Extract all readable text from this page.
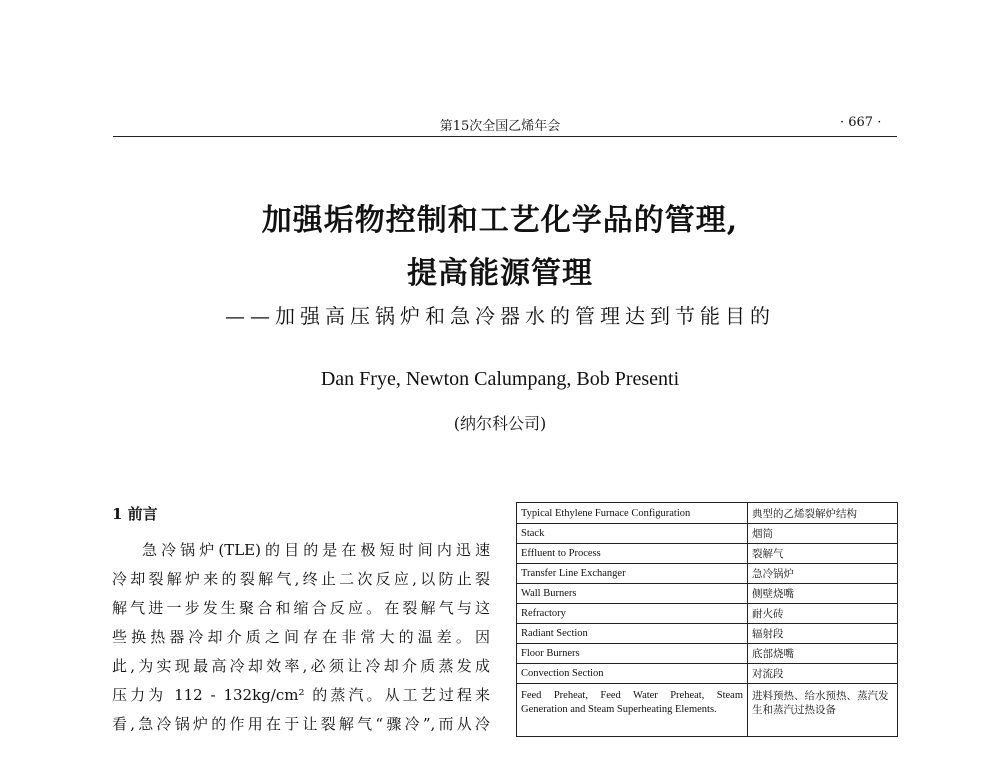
第15次全国乙烯年会	· 667 ·
加强垢物控制和工艺化学品的管理,
提高能源管理
——加强高压锅炉和急冷器水的管理达到节能目的
Dan Frye, Newton Calumpang, Bob Presenti
(纳尔科公司)
1 前言

急冷锅炉(TLE)的目的是在极短时间内迅速

冷却裂解炉来的裂解气,终止二次反应,以防止裂

解气进一步发生聚合和缩合反应。在裂解气与这

些换热器冷却介质之间存在非常大的温差。因

此,为实现最高冷却效率,必须让冷却介质蒸发成

压力为 112 - 132kg/cm² 的蒸汽。从工艺过程来

看,急冷锅炉的作用在于让裂解气“骤冷”,而从冷

Typical Ethylene Furnace Configuration	典型的乙烯裂解炉结构
Stack	烟筒
Effluent to Process	裂解气
Transfer Line Exchanger	急冷锅炉
Wall Burners	侧壁烧嘴
Refractory	耐火砖
Radiant Section	辐射段
Floor Burners	底部烧嘴
Convection Section	对流段
Feed Preheat, Feed Water Preheat, Steam Generation and Steam Superheating Elements.	进料预热、给水预热、蒸汽发生和蒸汽过热设备
